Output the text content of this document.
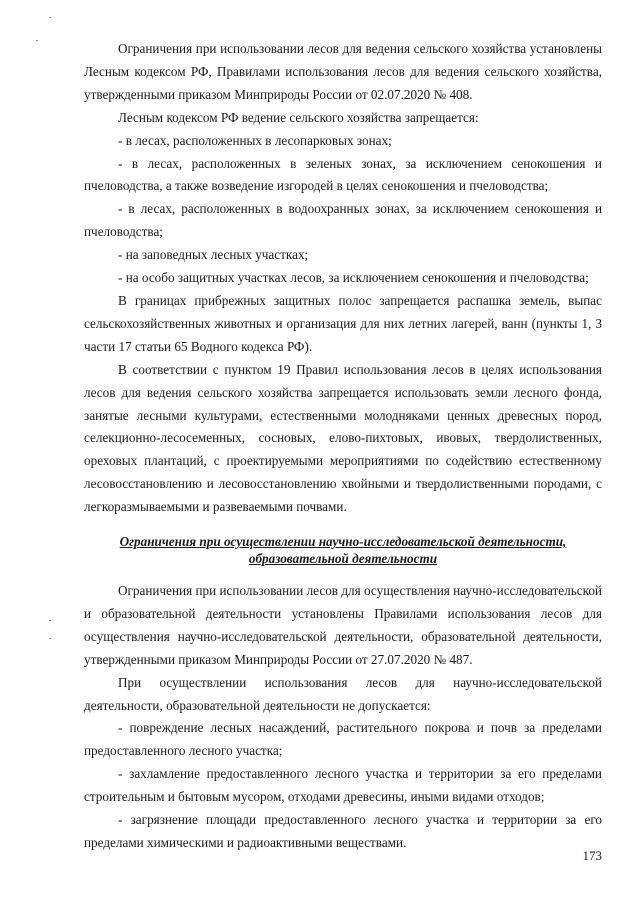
Ограничения при использовании лесов для ведения сельского хозяйства установлены Лесным кодексом РФ, Правилами использования лесов для ведения сельского хозяйства, утвержденными приказом Минприроды России от 02.07.2020 № 408.

Лесным кодексом РФ ведение сельского хозяйства запрещается:

- в лесах, расположенных в лесопарковых зонах;

- в лесах, расположенных в зеленых зонах, за исключением сенокошения и пчеловодства, а также возведение изгородей в целях сенокошения и пчеловодства;

- в лесах, расположенных в водоохранных зонах, за исключением сенокошения и пчеловодства;

- на заповедных лесных участках;

- на особо защитных участках лесов, за исключением сенокошения и пчеловодства;

В границах прибрежных защитных полос запрещается распашка земель, выпас сельскохозяйственных животных и организация для них летних лагерей, ванн (пункты 1, 3 части 17 статьи 65 Водного кодекса РФ).

В соответствии с пунктом 19 Правил использования лесов в целях использования лесов для ведения сельского хозяйства запрещается использовать земли лесного фонда, занятые лесными культурами, естественными молодняками ценных древесных пород, селекционно-лесосеменных, сосновых, елово-пихтовых, ивовых, твердолиственных, ореховых плантаций, с проектируемыми мероприятиями по содействию естественному лесовосстановлению и лесовосстановлению хвойными и твердолиственными породами, с легкоразмываемыми и развеваемыми почвами.

Ограничения при осуществлении научно-исследовательской деятельности,
образовательной деятельности

Ограничения при использовании лесов для осуществления научно-исследовательской и образовательной деятельности установлены Правилами использования лесов для осуществления научно-исследовательской деятельности, образовательной деятельности, утвержденными приказом Минприроды России от 27.07.2020 № 487.

При осуществлении использования лесов для научно-исследовательской деятельности, образовательной деятельности не допускается:

- повреждение лесных насаждений, растительного покрова и почв за пределами предоставленного лесного участка;

- захламление предоставленного лесного участка и территории за его пределами строительным и бытовым мусором, отходами древесины, иными видами отходов;

- загрязнение площади предоставленного лесного участка и территории за его пределами химическими и радиоактивными веществами.

173
